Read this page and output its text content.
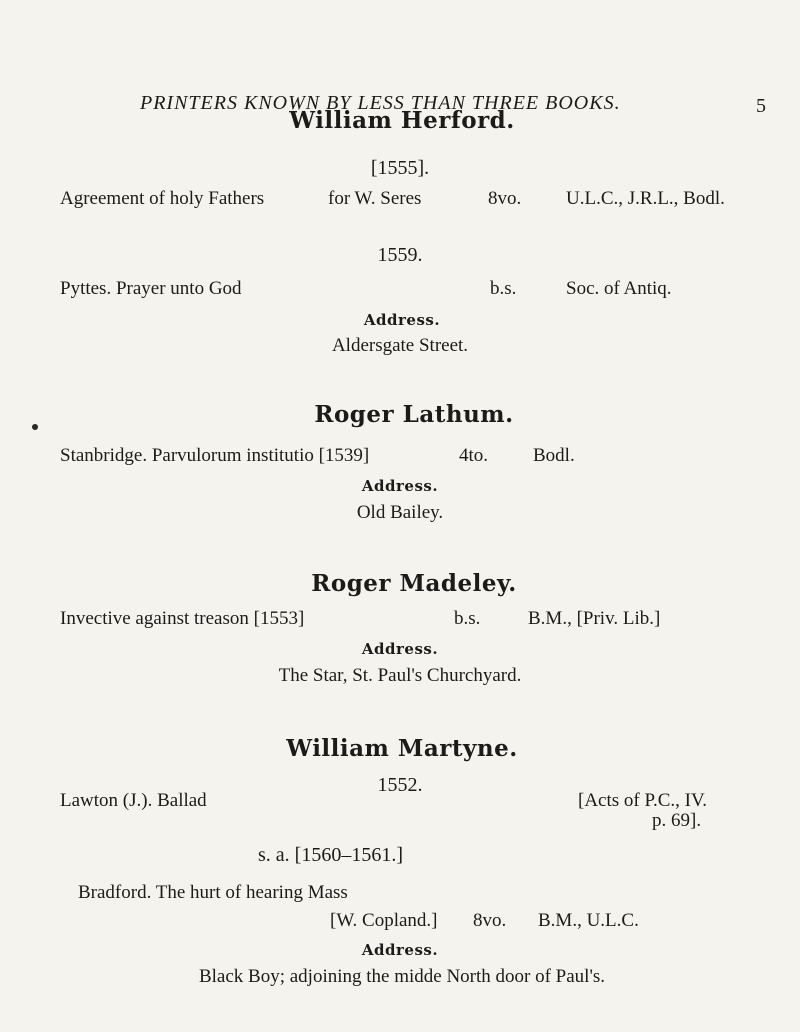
PRINTERS KNOWN BY LESS THAN THREE BOOKS.	5
William Herford.
[1555].
Agreement of holy Fathers	for W. Seres	8vo. U.L.C., J.R.L., Bodl.
1559.
Pyttes. Prayer unto God	b.s.	Soc. of Antiq.
Address.
Aldersgate Street.
Roger Lathum.
Stanbridge. Parvulorum institutio [1539]	4to. Bodl.
Address.
Old Bailey.
Roger Madeley.
Invective against treason [1553]	b.s.	B.M., [Priv. Lib.]
Address.
The Star, St. Paul's Churchyard.
William Martyne.
1552.
Lawton (J.). Ballad	[Acts of P.C., IV.
p. 69].
s. a. [1560–1561.]
Bradford. The hurt of hearing Mass
[W. Copland.] 8vo. B.M., U.L.C.
Address.
Black Boy; adjoining the midde North door of Paul's.
